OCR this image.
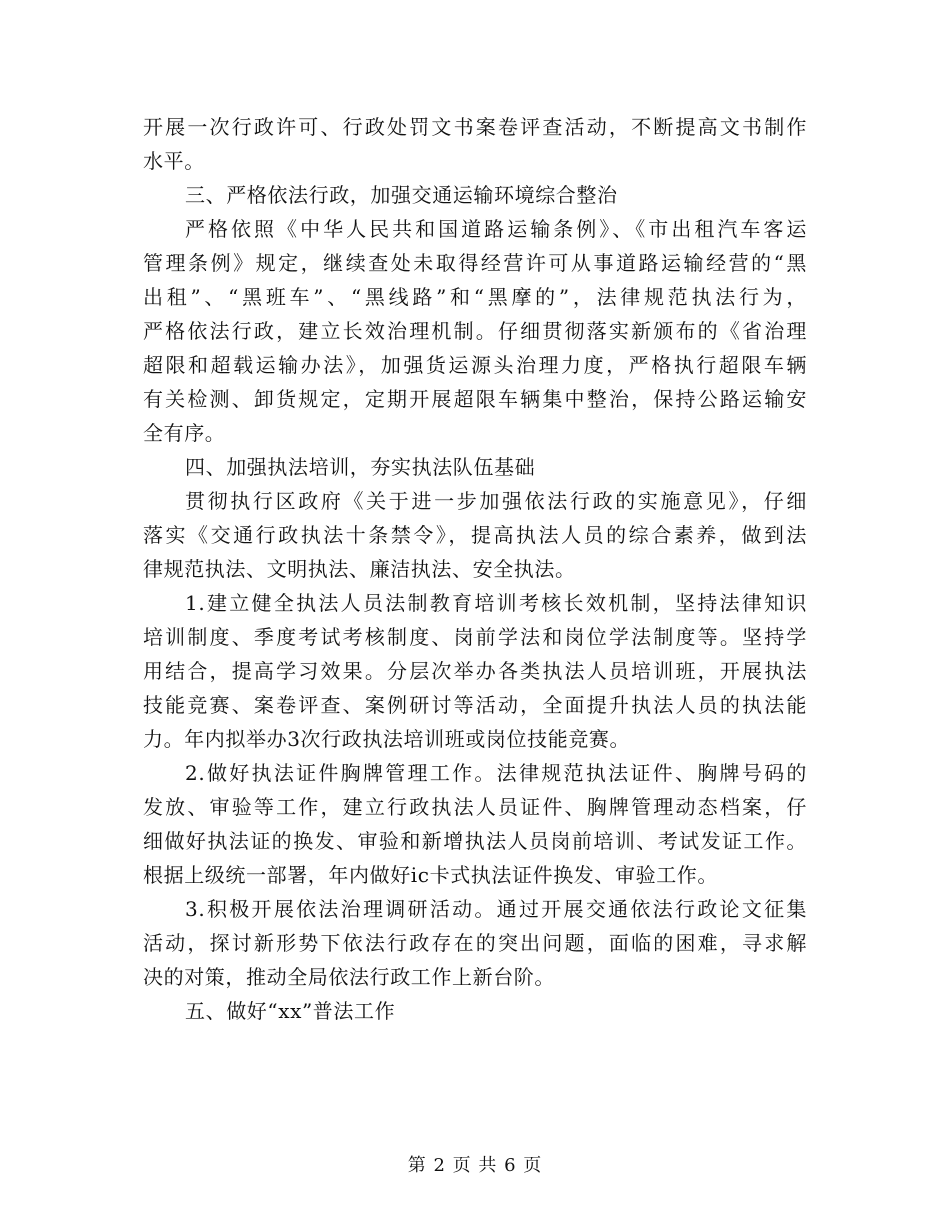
开展一次行政许可、行政处罚文书案卷评查活动，不断提高文书制作
水平。
三、严格依法行政，加强交通运输环境综合整治
严格依照《中华人民共和国道路运输条例》、《市出租汽车客运
管理条例》规定，继续查处未取得经营许可从事道路运输经营的“黑
出租”、“黑班车”、“黑线路”和“黑摩的”，法律规范执法行为，
严格依法行政，建立长效治理机制。仔细贯彻落实新颁布的《省治理
超限和超载运输办法》，加强货运源头治理力度，严格执行超限车辆
有关检测、卸货规定，定期开展超限车辆集中整治，保持公路运输安
全有序。
四、加强执法培训，夯实执法队伍基础
贯彻执行区政府《关于进一步加强依法行政的实施意见》，仔细
落实《交通行政执法十条禁令》，提高执法人员的综合素养，做到法
律规范执法、文明执法、廉洁执法、安全执法。
1.建立健全执法人员法制教育培训考核长效机制，坚持法律知识
培训制度、季度考试考核制度、岗前学法和岗位学法制度等。坚持学
用结合，提高学习效果。分层次举办各类执法人员培训班，开展执法
技能竞赛、案卷评查、案例研讨等活动，全面提升执法人员的执法能
力。年内拟举办3次行政执法培训班或岗位技能竞赛。
2.做好执法证件胸牌管理工作。法律规范执法证件、胸牌号码的
发放、审验等工作，建立行政执法人员证件、胸牌管理动态档案，仔
细做好执法证的换发、审验和新增执法人员岗前培训、考试发证工作。
根据上级统一部署，年内做好ic卡式执法证件换发、审验工作。
3.积极开展依法治理调研活动。通过开展交通依法行政论文征集
活动，探讨新形势下依法行政存在的突出问题，面临的困难，寻求解
决的对策，推动全局依法行政工作上新台阶。
五、做好“xx”普法工作
第 2 页 共 6 页
